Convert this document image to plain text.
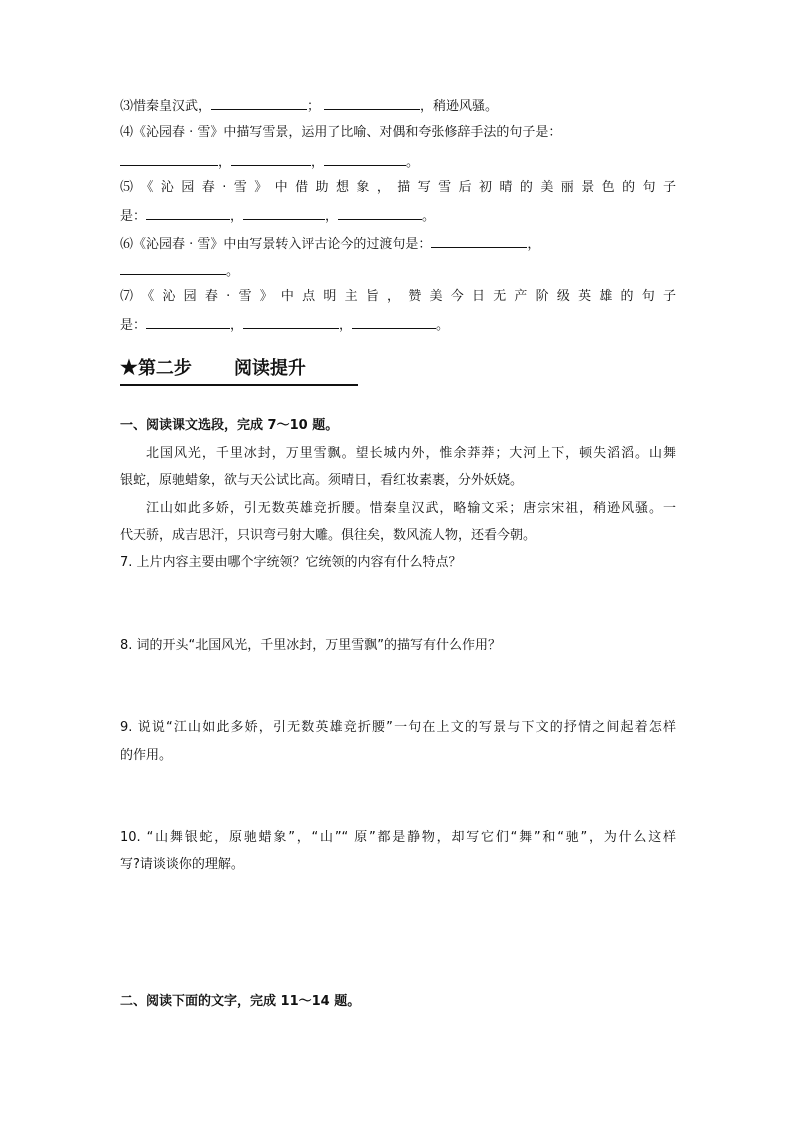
⑶惜秦皇汉武，	；	，稍逊风骚。
⑷《沁园春 · 雪》中描写雪景，运用了比喻、对偶和夸张修辞手法的句子是：
，	，	。
⑸《沁园春·雪》中借助想象，描写雪后初晴的美丽景色的句子
是：	，	，	。
⑹《沁园春 · 雪》中由写景转入评古论今的过渡句是：	，
。
⑺《沁园春·雪》中点明主旨，赞美今日无产阶级英雄的句子
是：	，	，	。
★第二步 阅读提升
一、阅读课文选段，完成 7～10 题。
北国风光，千里冰封，万里雪飘。望长城内外，惟余莽莽；大河上下，顿失滔滔。山舞
银蛇，原驰蜡象，欲与天公试比高。须晴日，看红妆素裹，分外妖娆。
江山如此多娇，引无数英雄竞折腰。惜秦皇汉武，略输文采；唐宗宋祖，稍逊风骚。一
代天骄，成吉思汗，只识弯弓射大雕。俱往矣，数风流人物，还看今朝。
7. 上片内容主要由哪个字统领？它统领的内容有什么特点？
8. 词的开头“北国风光，千里冰封，万里雪飘”的描写有什么作用？
9. 说说“江山如此多娇，引无数英雄竞折腰”一句在上文的写景与下文的抒情之间起着怎样
的作用。
10. “山舞银蛇，原驰蜡象”，“山”“ 原”都是静物，却写它们“舞”和“驰”，为什么这样
写?请谈谈你的理解。
二、阅读下面的文字，完成 11～14 题。
